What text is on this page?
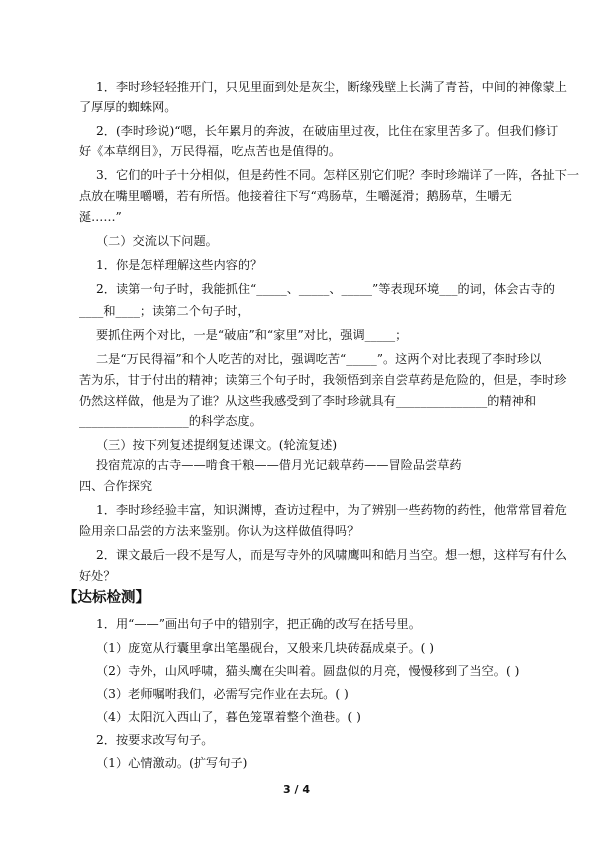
1．李时珍轻轻推开门，只见里面到处是灰尘，断缘残壁上长满了青苔，中间的神像蒙上

了厚厚的蜘蛛网。

2．(李时珍说)“嗯，长年累月的奔波，在破庙里过夜，比住在家里苦多了。但我们修订

好《本草纲目》，万民得福，吃点苦也是值得的。

3．它们的叶子十分相似，但是药性不同。怎样区别它们呢？李时珍端详了一阵，各扯下一

点放在嘴里嚼嚼，若有所悟。他接着往下写“鸡肠草，生嚼涎滑；鹅肠草，生嚼无

涎……”

（二）交流以下问题。

1．你是怎样理解这些内容的？

2．读第一句子时，我能抓住“_____、_____、_____”等表现环境___的词，体会古寺的

____和____；读第二个句子时，

要抓住两个对比，一是“破庙”和“家里”对比，强调_____；

二是“万民得福”和个人吃苦的对比，强调吃苦“_____”。这两个对比表现了李时珍以

苦为乐，甘于付出的精神；读第三个句子时，我领悟到亲自尝草药是危险的，但是，李时珍

仍然这样做，他是为了谁？从这些我感受到了李时珍就具有_______________的精神和

__________________的科学态度。

（三）按下列复述提纲复述课文。(轮流复述)

投宿荒凉的古寺——啃食干粮——借月光记载草药——冒险品尝草药

四、合作探究

1．李时珍经验丰富，知识渊博，查访过程中，为了辨别一些药物的药性，他常常冒着危

险用亲口品尝的方法来鉴别。你认为这样做值得吗？

2．课文最后一段不是写人，而是写寺外的风啸鹰叫和皓月当空。想一想，这样写有什么

好处？

【达标检测】

1．用“——”画出句子中的错别字，把正确的改写在括号里。

（1）庞宽从行囊里拿出笔墨砚台，又般来几块砖磊成桌子。( )

（2）寺外，山风呼啸，猫头鹰在尖叫着。圆盘似的月亮，慢慢移到了当空。( )

（3）老师嘱咐我们，必需写完作业在去玩。( )

（4）太阳沉入西山了，暮色笼罩着整个渔巷。( )

2．按要求改写句子。

（1）心情激动。(扩写句子)

3 / 4
